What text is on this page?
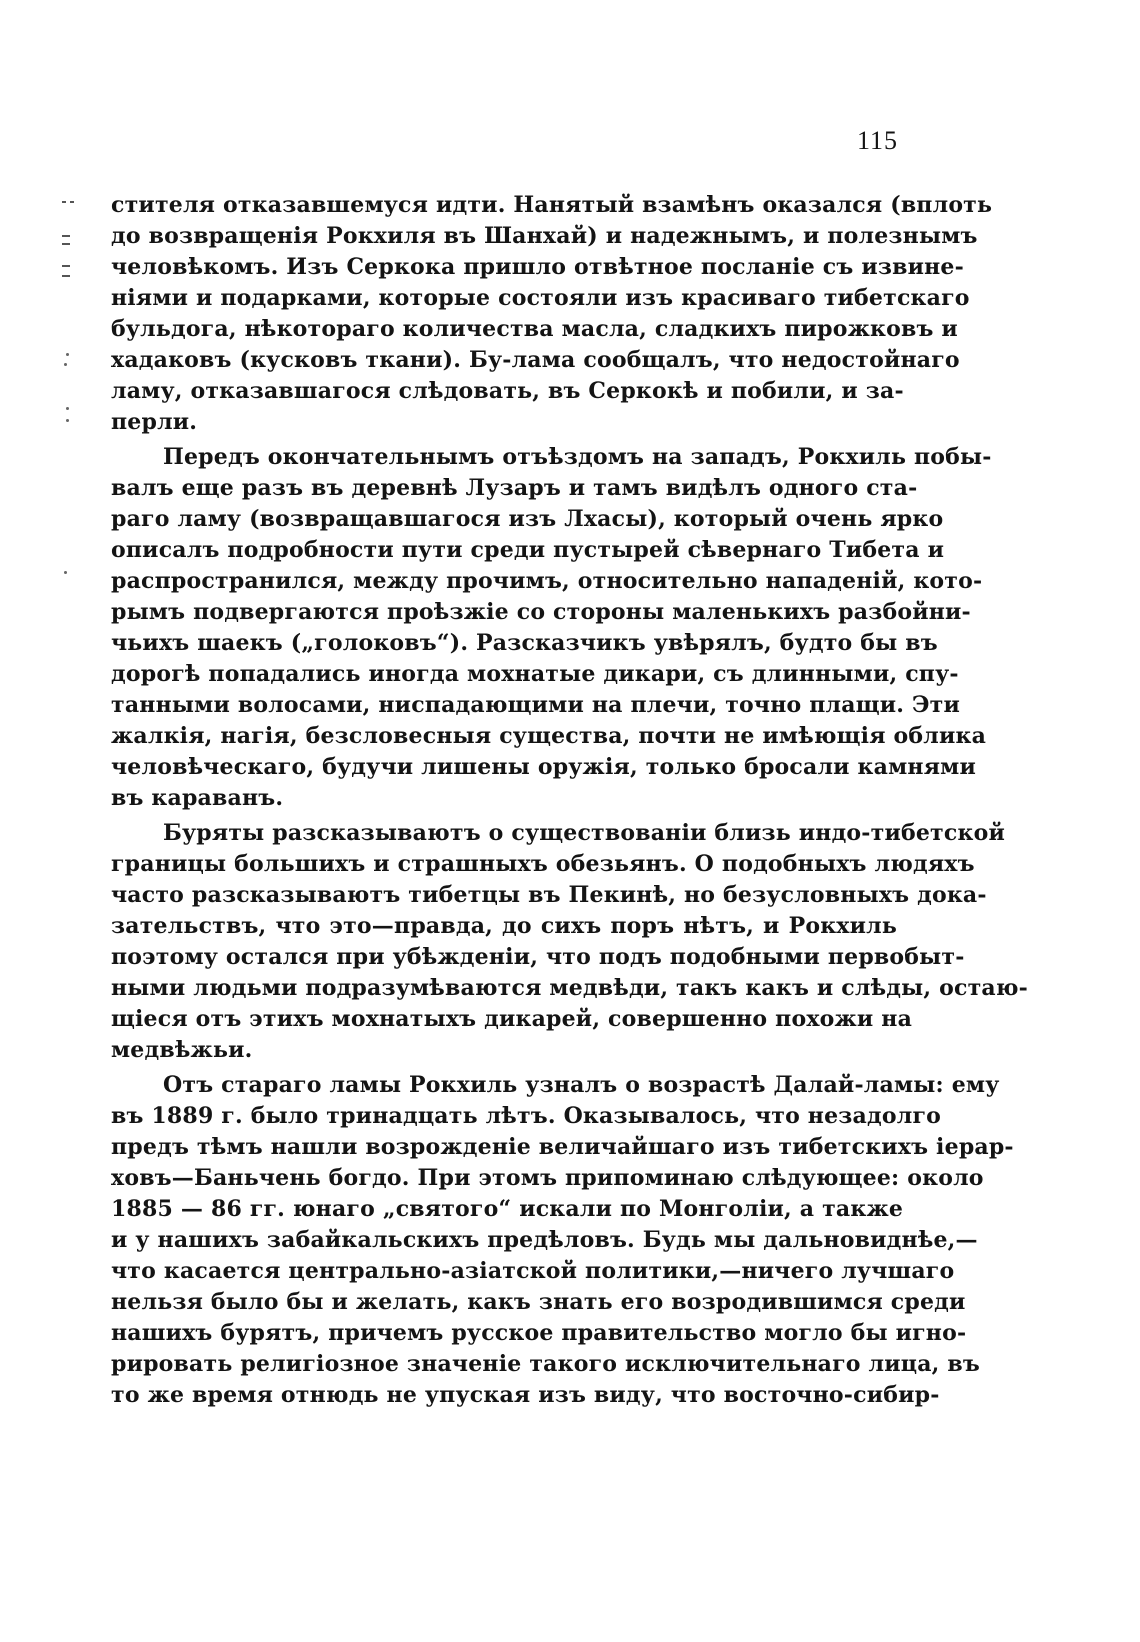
115
стителя отказавшемуся идти. Нанятый взамѣнъ оказался (вплоть
до возвращенія Рокхиля въ Шанхай) и надежнымъ, и полезнымъ
человѣкомъ. Изъ Серкока пришло отвѣтное посланіе съ извине-
ніями и подарками, которые состояли изъ красиваго тибетскаго
бульдога, нѣкотораго количества масла, сладкихъ пирожковъ и
хадаковъ (кусковъ ткани). Бу-лама сообщалъ, что недостойнаго
ламу, отказавшагося слѣдовать, въ Серкокѣ и побили, и за-
перли.
Передъ окончательнымъ отъѣздомъ на западъ, Рокхиль побы-
валъ еще разъ въ деревнѣ Лузаръ и тамъ видѣлъ одного ста-
раго ламу (возвращавшагося изъ Лхасы), который очень ярко
описалъ подробности пути среди пустырей сѣвернаго Тибета и
распространился, между прочимъ, относительно нападеній, кото-
рымъ подвергаются проѣзжіе со стороны маленькихъ разбойни-
чьихъ шаекъ („голоковъ“). Разсказчикъ увѣрялъ, будто бы въ
дорогѣ попадались иногда мохнатые дикари, съ длинными, спу-
танными волосами, ниспадающими на плечи, точно плащи. Эти
жалкія, нагія, безсловесныя существа, почти не имѣющія облика
человѣческаго, будучи лишены оружія, только бросали камнями
въ караванъ.
Буряты разсказываютъ о существованіи близь индо-тибетской
границы большихъ и страшныхъ обезьянъ. О подобныхъ людяхъ
часто разсказываютъ тибетцы въ Пекинѣ, но безусловныхъ дока-
зательствъ, что это—правда, до сихъ поръ нѣтъ, и Рокхиль
поэтому остался при убѣжденіи, что подъ подобными первобыт-
ными людьми подразумѣваются медвѣди, такъ какъ и слѣды, остаю-
щіеся отъ этихъ мохнатыхъ дикарей, совершенно похожи на
медвѣжьи.
Отъ стараго ламы Рокхиль узналъ о возрастѣ Далай-ламы: ему
въ 1889 г. было тринадцать лѣтъ. Оказывалось, что незадолго
предъ тѣмъ нашли возрожденіе величайшаго изъ тибетскихъ іерар-
ховъ—Баньчень богдо. При этомъ припоминаю слѣдующее: около
1885 — 86 гг. юнаго „святого“ искали по Монголіи, а также
и у нашихъ забайкальскихъ предѣловъ. Будь мы дальновиднѣе,—
что касается центрально-азіатской политики,—ничего лучшаго
нельзя было бы и желать, какъ знать его возродившимся среди
нашихъ бурятъ, причемъ русское правительство могло бы игно-
рировать религіозное значеніе такого исключительнаго лица, въ
то же время отнюдь не упуская изъ виду, что восточно-сибир-
